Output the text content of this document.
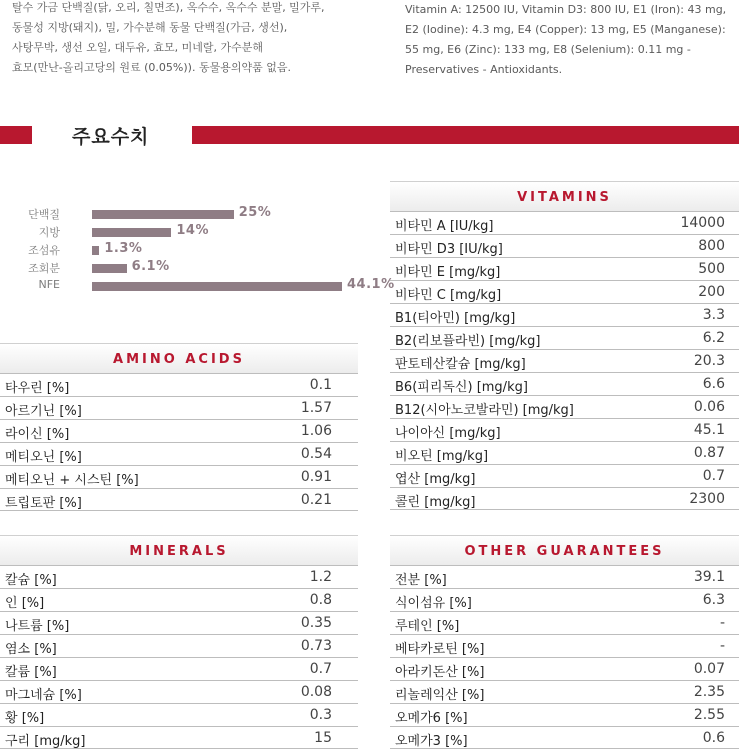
탈수 가금 단백질(닭, 오리, 칠면조), 옥수수, 옥수수 분말, 밀가루,
동물성 지방(돼지), 밀, 가수분해 동물 단백질(가금, 생선),
사탕무박, 생선 오일, 대두유, 효모, 미네랄, 가수분해
효모(만난-올리고당의 원료 (0.05%)). 동물용의약품 없음.
Vitamin A: 12500 IU, Vitamin D3: 800 IU, E1 (Iron): 43 mg,
E2 (Iodine): 4.3 mg, E4 (Copper): 13 mg, E5 (Manganese):
55 mg, E6 (Zinc): 133 mg, E8 (Selenium): 0.11 mg -
Preservatives - Antioxidants.
주요수치
단백질	25%
지방	14%
조섬유	1.3%
조회분	6.1%
NFE	44.1%
AMINO ACIDS
타우린 [%]	0.1
아르기닌 [%]	1.57
라이신 [%]	1.06
메티오닌 [%]	0.54
메티오닌 + 시스틴 [%]	0.91
트립토판 [%]	0.21
MINERALS
칼슘 [%]	1.2
인 [%]	0.8
나트륨 [%]	0.35
염소 [%]	0.73
칼륨 [%]	0.7
마그네슘 [%]	0.08
황 [%]	0.3
구리 [mg/kg]	15
VITAMINS
비타민 A [IU/kg]	14000
비타민 D3 [IU/kg]	800
비타민 E [mg/kg]	500
비타민 C [mg/kg]	200
B1(티아민) [mg/kg]	3.3
B2(리보플라빈) [mg/kg]	6.2
판토테산칼슘 [mg/kg]	20.3
B6(피리독신) [mg/kg]	6.6
B12(시아노코발라민) [mg/kg]	0.06
나이아신 [mg/kg]	45.1
비오틴 [mg/kg]	0.87
엽산 [mg/kg]	0.7
콜린 [mg/kg]	2300
OTHER GUARANTEES
전분 [%]	39.1
식이섬유 [%]	6.3
루테인 [%]	-
베타카로틴 [%]	-
아라키돈산 [%]	0.07
리놀레익산 [%]	2.35
오메가6 [%]	2.55
오메가3 [%]	0.6
